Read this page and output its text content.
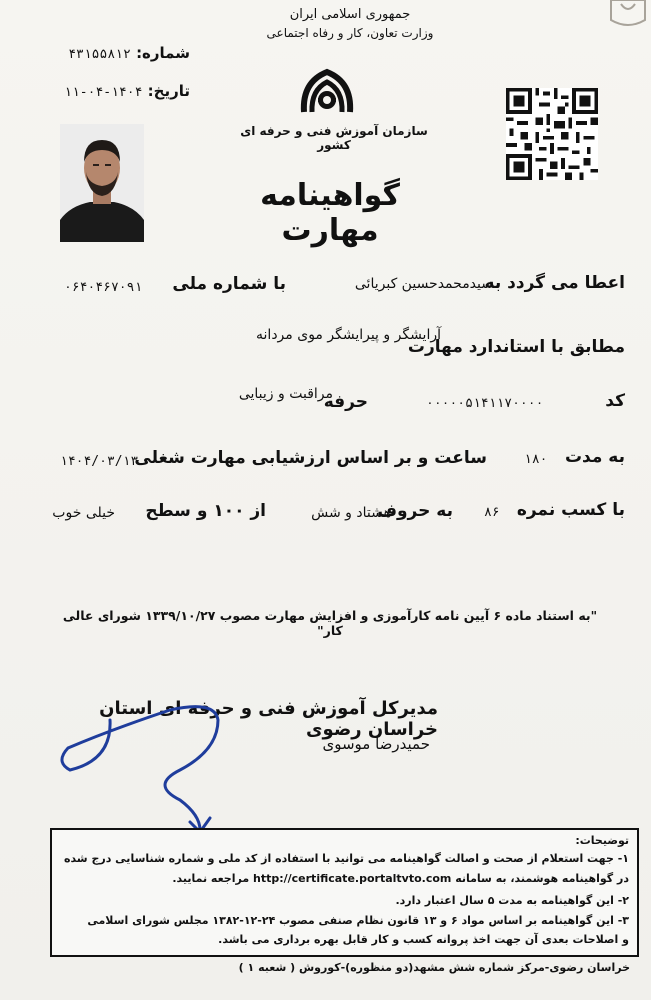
جمهوری اسلامی ایران
وزارت تعاون، کار و رفاه اجتماعی
سازمان آموزش فنی و حرفه ای کشور
شماره: ۴۳۱۵۵۸۱۲
تاریخ: ۱۴۰۴-۰۴-۱۱
گواهینامه مهارت
اعطا می گردد به
سیدمحمدحسین کبریائی
با شماره ملی
۰۶۴۰۴۶۷۰۹۱
مطابق با استاندارد مهارت
آرایشگر و پیرایشگر موی مردانه
کد
۰۰۰۰۰۵۱۴۱۱۷۰۰۰۰
حرفه
مراقبت و زیبایی
به مدت
۱۸۰
ساعت و بر اساس ارزشیابی مهارت شغلی
۱۴۰۴/۰۳/۱۳
با کسب نمره
۸۶
به حروف
هشتاد و شش
از ۱۰۰ و سطح
خیلی خوب
"به استناد ماده ۶ آیین نامه کارآموزی و افزایش مهارت مصوب ۱۳۳۹/۱۰/۲۷ شورای عالی کار"
مدیرکل آموزش فنی و حرفه ای استان خراسان رضوی
حمیدرضا موسوی
توضیحات:
۱- جهت استعلام از صحت و اصالت گواهینامه می توانید با استفاده از کد ملی و شماره شناسایی درج شده
در گواهینامه هوشمند، به سامانه http://certificate.portaltvto.com مراجعه نمایید.
۲- این گواهینامه به مدت ۵ سال اعتبار دارد.
۳- این گواهینامه بر اساس مواد ۶ و ۱۳ قانون نظام صنفی مصوب ۲۴-۱۲-۱۳۸۲ مجلس شورای اسلامی
و اصلاحات بعدی آن جهت اخذ پروانه کسب و کار قابل بهره برداری می باشد.
خراسان رضوی-مرکز شماره شش مشهد(دو منظوره)-کوروش ( شعبه ۱ )
